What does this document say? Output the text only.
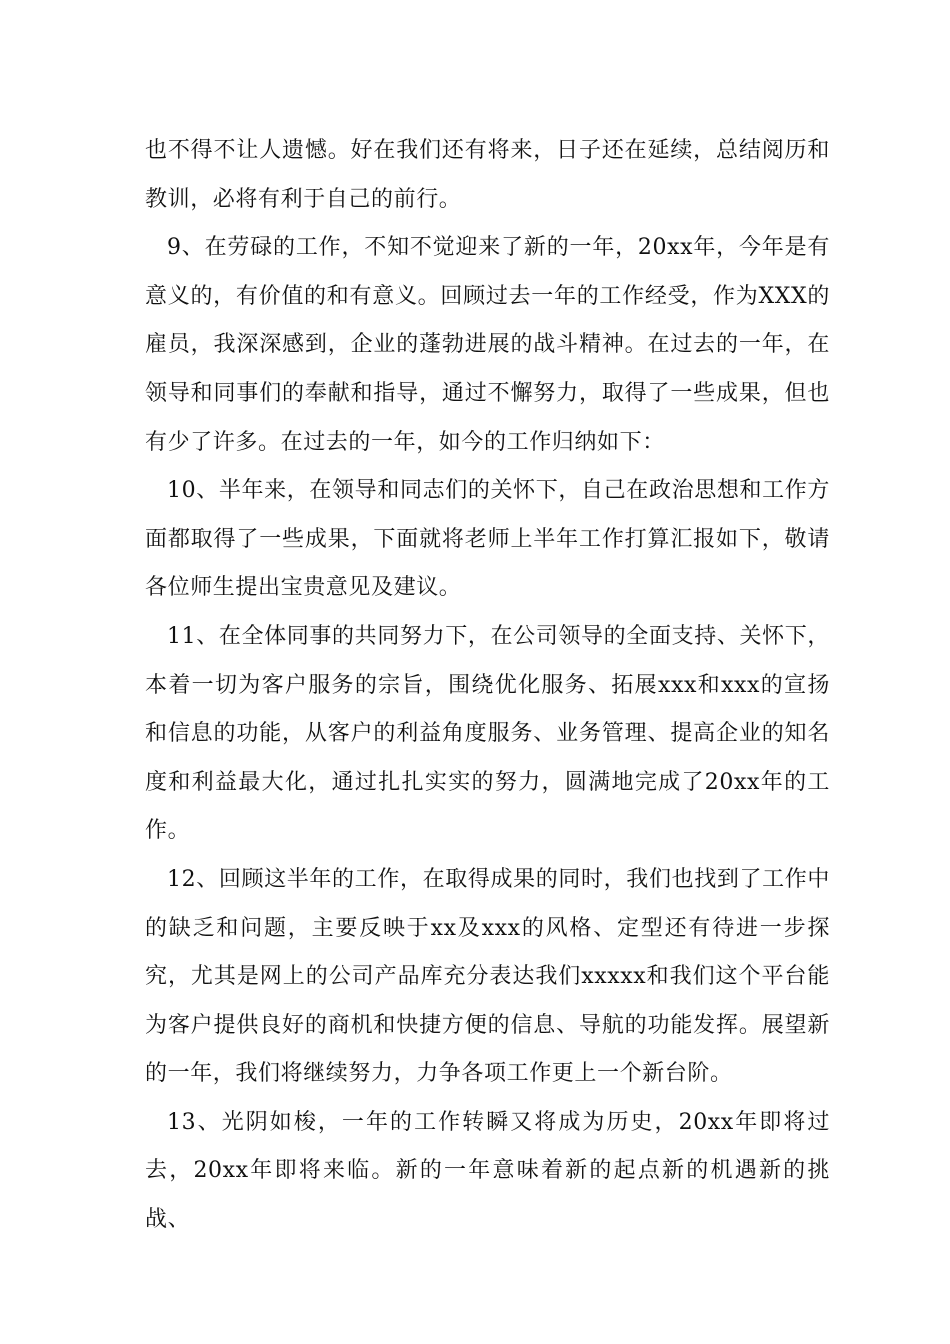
也不得不让人遗憾。好在我们还有将来，日子还在延续，总结阅历和教训，必将有利于自己的前行。

9、在劳碌的工作，不知不觉迎来了新的一年，20xx年，今年是有意义的，有价值的和有意义。回顾过去一年的工作经受，作为XXX的雇员，我深深感到，企业的蓬勃进展的战斗精神。在过去的一年，在领导和同事们的奉献和指导，通过不懈努力，取得了一些成果，但也有少了许多。在过去的一年，如今的工作归纳如下：

10、半年来，在领导和同志们的关怀下，自己在政治思想和工作方面都取得了一些成果，下面就将老师上半年工作打算汇报如下，敬请各位师生提出宝贵意见及建议。

11、在全体同事的共同努力下，在公司领导的全面支持、关怀下，本着一切为客户服务的宗旨，围绕优化服务、拓展xxx和xxx的宣扬和信息的功能，从客户的利益角度服务、业务管理、提高企业的知名度和利益最大化，通过扎扎实实的努力，圆满地完成了20xx年的工作。

12、回顾这半年的工作，在取得成果的同时，我们也找到了工作中的缺乏和问题，主要反映于xx及xxx的风格、定型还有待进一步探究，尤其是网上的公司产品库充分表达我们xxxxx和我们这个平台能为客户提供良好的商机和快捷方便的信息、导航的功能发挥。展望新的一年，我们将继续努力，力争各项工作更上一个新台阶。

13、光阴如梭，一年的工作转瞬又将成为历史，20xx年即将过去，20xx年即将来临。新的一年意味着新的起点新的机遇新的挑战、
